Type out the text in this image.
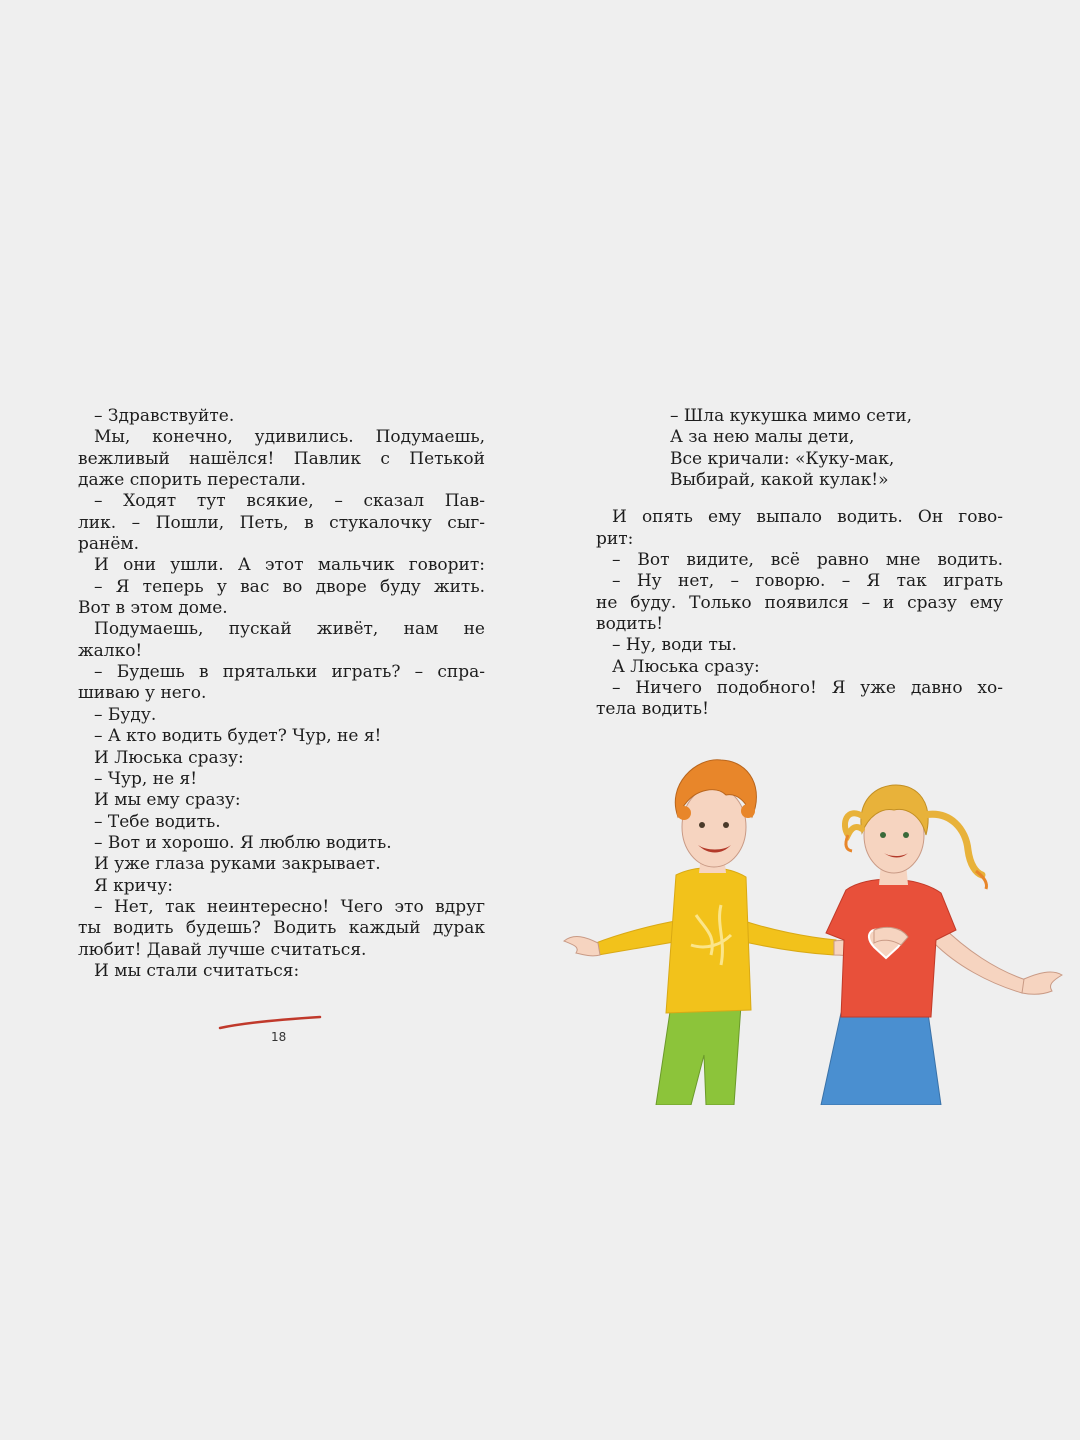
– Здравствуйте.
Мы, конечно, удивились. Подумаешь,
вежливый нашёлся! Павлик с Петькой
даже спорить перестали.
– Ходят тут всякие, – сказал Пав-
лик. – Пошли, Петь, в стукалочку сыг-
ранём.
И они ушли. А этот мальчик говорит:
– Я теперь у вас во дворе буду жить.
Вот в этом доме.
Подумаешь, пускай живёт, нам не
жалко!
– Будешь в прятальки играть? – спра-
шиваю у него.
– Буду.
– А кто водить будет? Чур, не я!
И Люська сразу:
– Чур, не я!
И мы ему сразу:
– Тебе водить.
– Вот и хорошо. Я люблю водить.
И уже глаза руками закрывает.
Я кричу:
– Нет, так неинтересно! Чего это вдруг
ты водить будешь? Водить каждый дурак
любит! Давай лучше считаться.
И мы стали считаться:
18
– Шла кукушка мимо сети,
А за нею малы дети,
Все кричали: «Куку-мак,
Выбирай, какой кулак!»
И опять ему выпало водить. Он гово-
рит:
– Вот видите, всё равно мне водить.
– Ну нет, – говорю. – Я так играть
не буду. Только появился – и сразу ему
водить!
– Ну, води ты.
А Люська сразу:
– Ничего подобного! Я уже давно хо-
тела водить!
